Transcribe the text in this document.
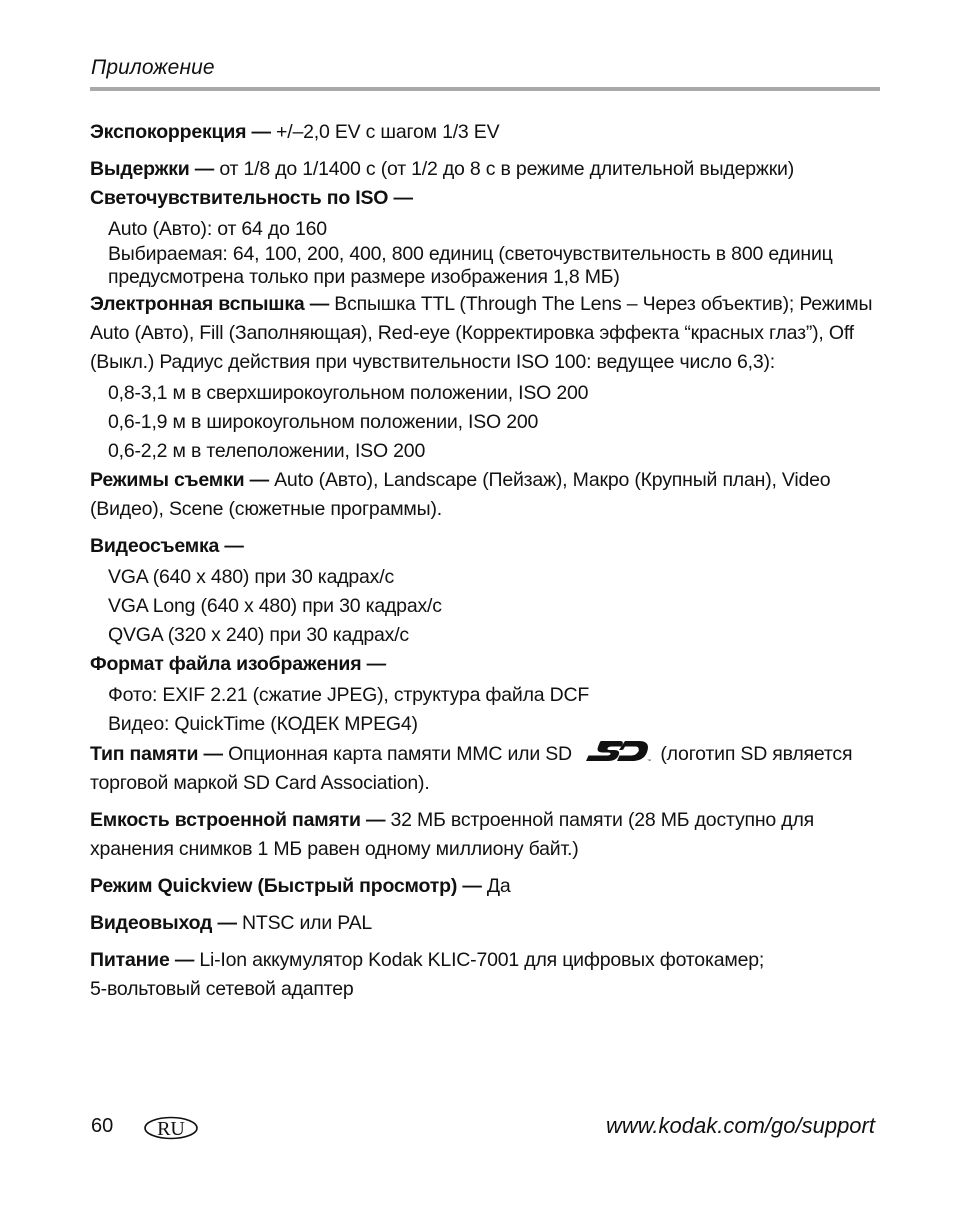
Приложение

Экспокоррекция — +/–2,0 EV с шагом 1/3 EV

Выдержки — от 1/8 до 1/1400 с (от 1/2 до 8 с в режиме длительной выдержки)

Светочувствительность по ISO —

Auto (Авто): от 64 до 160

Выбираемая: 64, 100, 200, 400, 800 единиц (светочувствительность в 800 единиц

предусмотрена только при размере изображения 1,8 МБ)

Электронная вспышка — Вспышка TTL (Through The Lens – Через объектив); Режимы Auto (Авто), Fill (Заполняющая), Red-eye (Корректировка эффекта “красных глаз”), Off (Выкл.) Радиус действия при чувствительности ISO 100: ведущее число 6,3):

0,8-3,1 м в сверхширокоугольном положении, ISO 200

0,6-1,9 м в широкоугольном положении, ISO 200

0,6-2,2 м в телеположении, ISO 200

Режимы съемки — Auto (Авто), Landscape (Пейзаж), Макро (Крупный план), Video (Видео), Scene (сюжетные программы).

Видеосъемка —

VGA (640 x 480) при 30 кадрах/с

VGA Long (640 x 480) при 30 кадрах/с

QVGA (320 x 240) при 30 кадрах/с

Формат файла изображения —

Фото: EXIF 2.21 (сжатие JPEG), структура файла DCF

Видео: QuickTime (КОДЕК MPEG4)

Тип памяти — Опционная карта памяти MMC или SD	™ (логотип SD является торговой маркой SD Card Association).

Емкость встроенной памяти — 32 МБ встроенной памяти (28 МБ доступно для хранения снимков 1 МБ равен одному миллиону байт.)

Режим Quickview (Быстрый просмотр) — Да

Видеовыход — NTSC или PAL

Питание — Li-Ion аккумулятор Kodak KLIC-7001 для цифровых фотокамер;
5-вольтовый сетевой адаптер

60 RU	www.kodak.com/go/support
